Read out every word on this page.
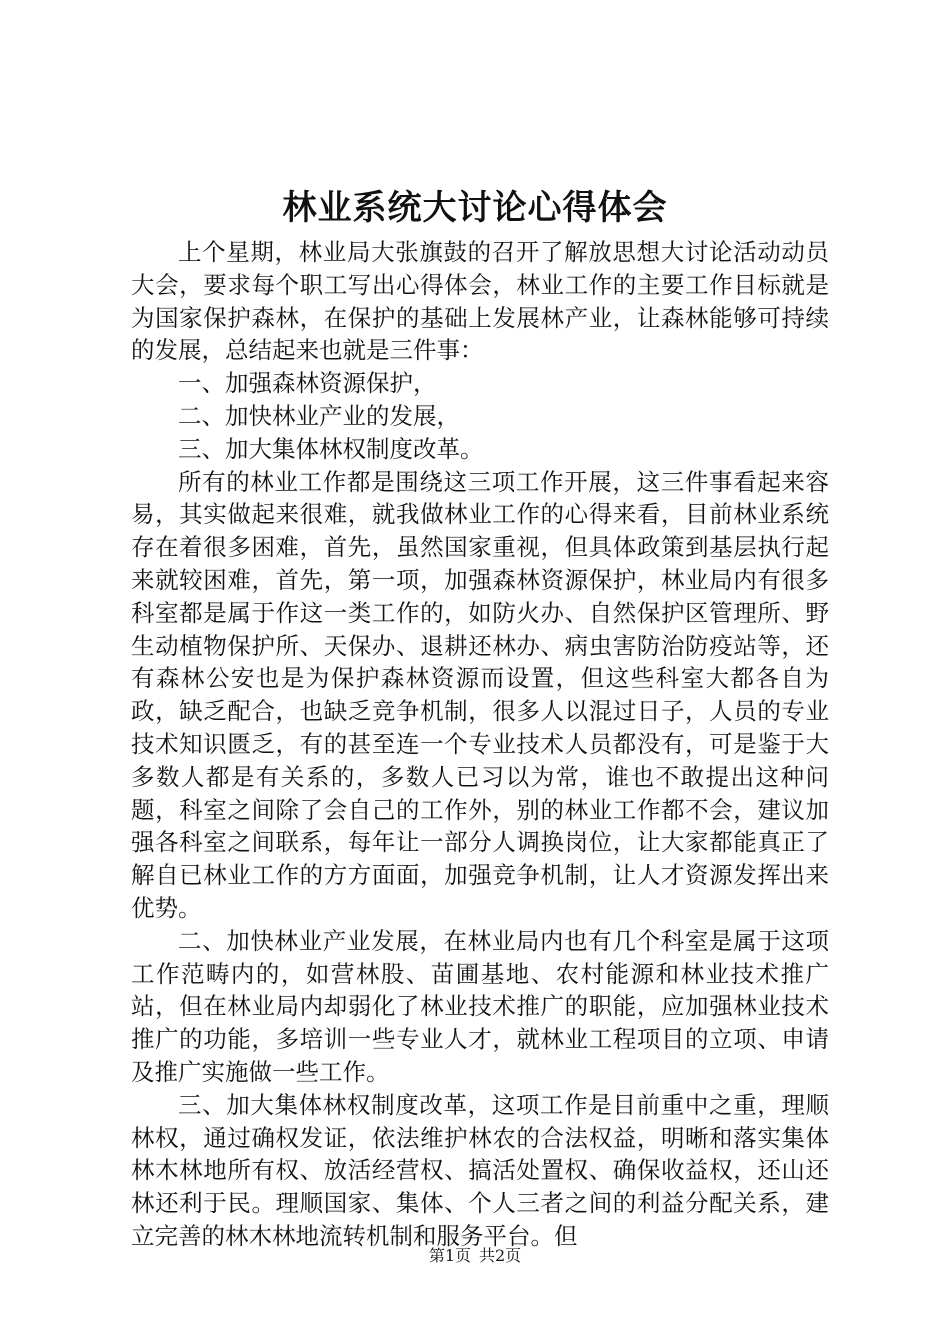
林业系统大讨论心得体会

上个星期，林业局大张旗鼓的召开了解放思想大讨论活动动员大会，要求每个职工写出心得体会，林业工作的主要工作目标就是为国家保护森林，在保护的基础上发展林产业，让森林能够可持续的发展，总结起来也就是三件事：

一、加强森林资源保护，

二、加快林业产业的发展，

三、加大集体林权制度改革。

所有的林业工作都是围绕这三项工作开展，这三件事看起来容易，其实做起来很难，就我做林业工作的心得来看，目前林业系统存在着很多困难，首先，虽然国家重视，但具体政策到基层执行起来就较困难，首先，第一项，加强森林资源保护，林业局内有很多科室都是属于作这一类工作的，如防火办、自然保护区管理所、野生动植物保护所、天保办、退耕还林办、病虫害防治防疫站等，还有森林公安也是为保护森林资源而设置，但这些科室大都各自为政，缺乏配合，也缺乏竞争机制，很多人以混过日子，人员的专业技术知识匮乏，有的甚至连一个专业技术人员都没有，可是鉴于大多数人都是有关系的，多数人已习以为常，谁也不敢提出这种问题，科室之间除了会自己的工作外，别的林业工作都不会，建议加强各科室之间联系，每年让一部分人调换岗位，让大家都能真正了解自已林业工作的方方面面，加强竞争机制，让人才资源发挥出来优势。

二、加快林业产业发展，在林业局内也有几个科室是属于这项工作范畴内的，如营林股、苗圃基地、农村能源和林业技术推广站，但在林业局内却弱化了林业技术推广的职能，应加强林业技术推广的功能，多培训一些专业人才，就林业工程项目的立项、申请及推广实施做一些工作。

三、加大集体林权制度改革，这项工作是目前重中之重，理顺林权，通过确权发证，依法维护林农的合法权益，明晰和落实集体林木林地所有权、放活经营权、搞活处置权、确保收益权，还山还林还利于民。理顺国家、集体、个人三者之间的利益分配关系，建立完善的林木林地流转机制和服务平台。但

第1页 共2页
